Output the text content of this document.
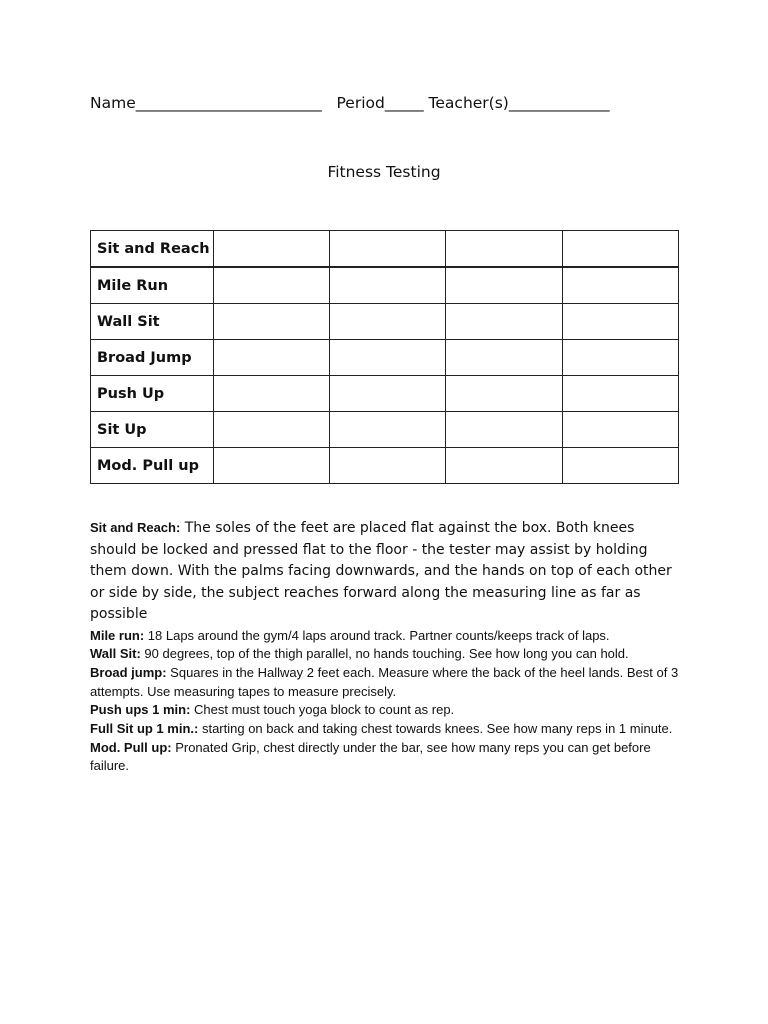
Name________________________ Period_____ Teacher(s)_____________
Fitness Testing
Sit and Reach				
Mile Run				
Wall Sit				
Broad Jump				
Push Up				
Sit Up				
Mod. Pull up				

Sit and Reach: The soles of the feet are placed flat against the box. Both knees should be locked and pressed flat to the floor - the tester may assist by holding them down. With the palms facing downwards, and the hands on top of each other or side by side, the subject reaches forward along the measuring line as far as possible

Mile run: 18 Laps around the gym/4 laps around track. Partner counts/keeps track of laps.

Wall Sit: 90 degrees, top of the thigh parallel, no hands touching. See how long you can hold.

Broad jump: Squares in the Hallway 2 feet each. Measure where the back of the heel lands. Best of 3 attempts. Use measuring tapes to measure precisely.

Push ups 1 min: Chest must touch yoga block to count as rep.

Full Sit up 1 min.: starting on back and taking chest towards knees. See how many reps in 1 minute.

Mod. Pull up: Pronated Grip, chest directly under the bar, see how many reps you can get before failure.
